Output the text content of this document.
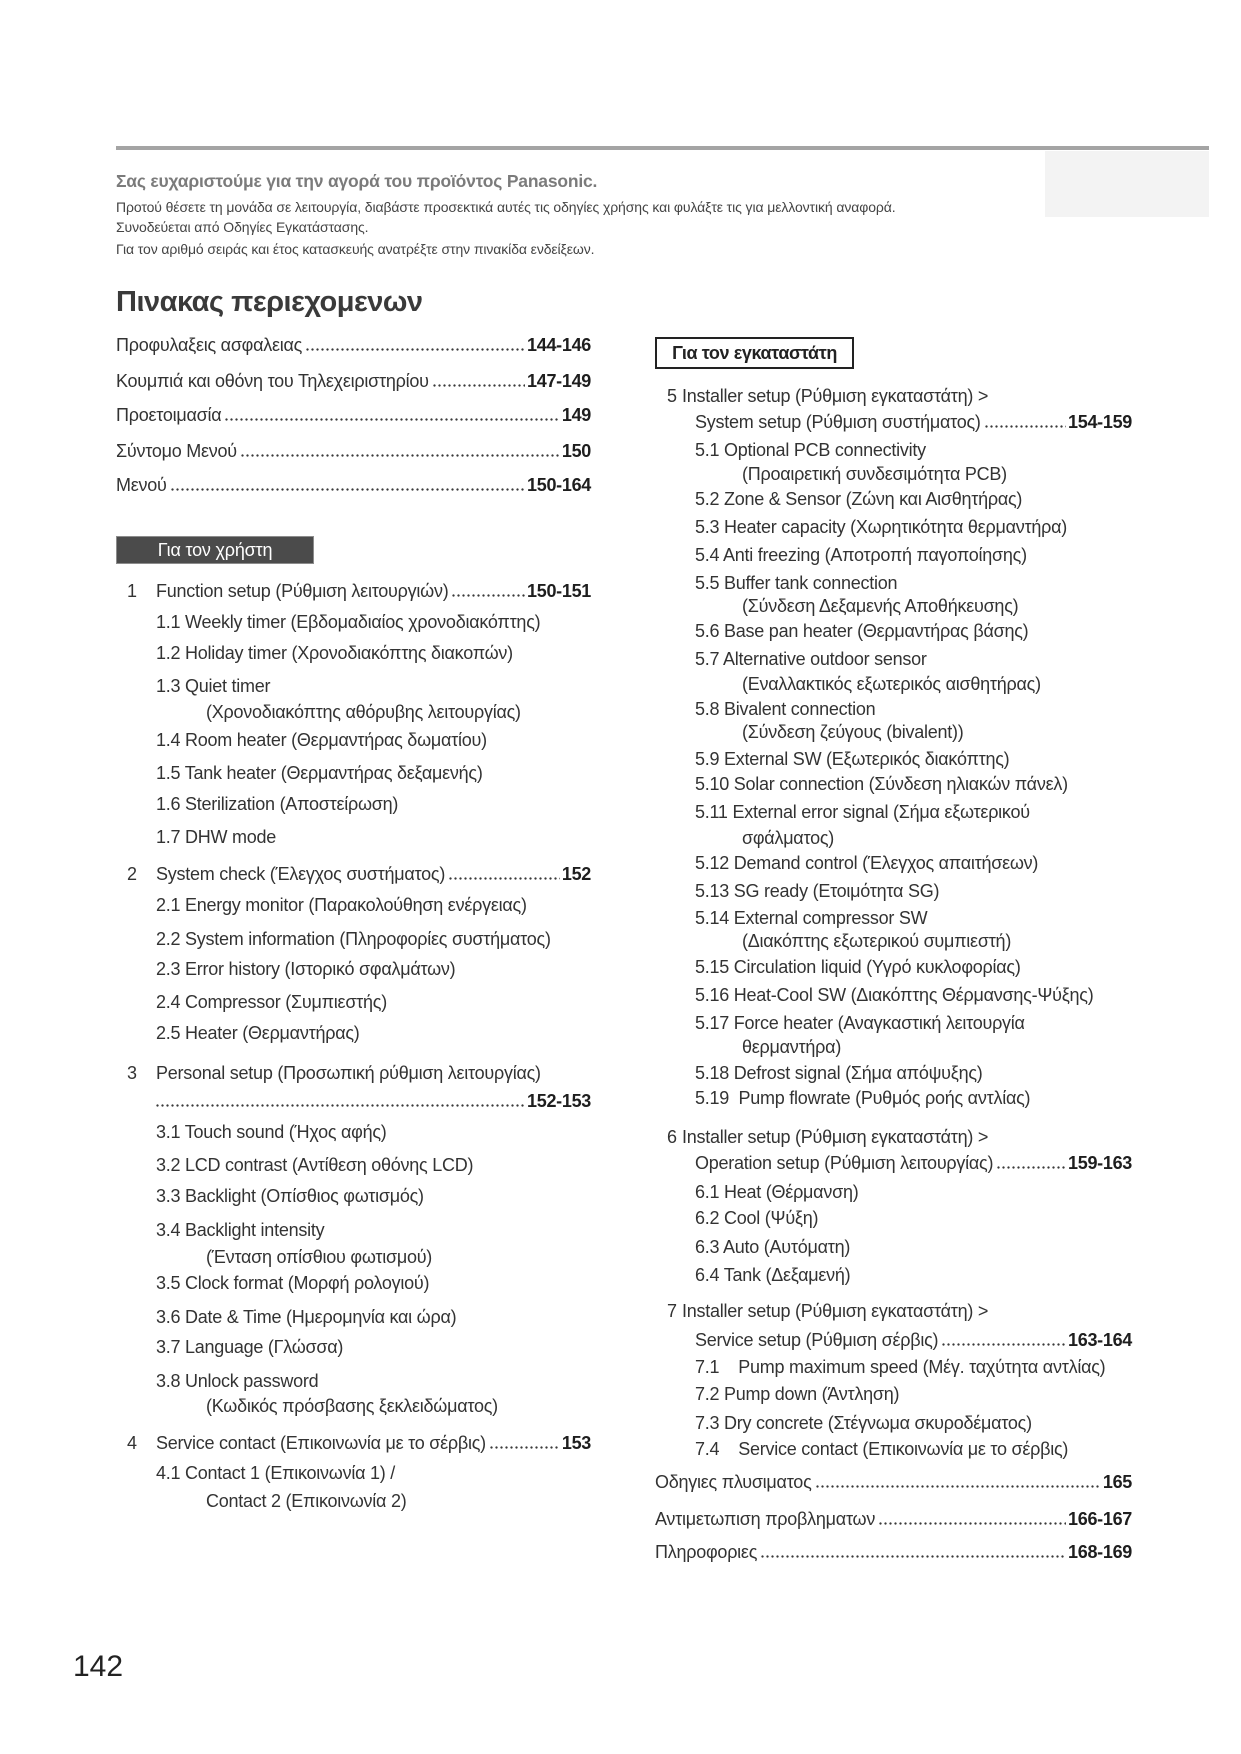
Σας ευχαριστούμε για την αγορά του προϊόντος Panasonic.
Προτού θέσετε τη μονάδα σε λειτουργία, διαβάστε προσεκτικά αυτές τις οδηγίες χρήσης και φυλάξτε τις για μελλοντική αναφορά.
Συνοδεύεται από Οδηγίες Εγκατάστασης.
Για τον αριθμό σειράς και έτος κατασκευής ανατρέξτε στην πινακίδα ενδείξεων.
Πινακας περιεχομενων
Προφυλαξεις ασφαλειας	144-146
Κουμπιά και οθόνη του Τηλεχειριστηρίου	147-149
Προετοιμασία	149
Σύντομο Μενού	150
Μενού	150-164
Για τον χρήστη
1	Function setup (Ρύθμιση λειτουργιών)	150-151
1.1 Weekly timer (Εβδομαδιαίος χρονοδιακόπτης)
1.2 Holiday timer (Χρονοδιακόπτης διακοπών)
1.3 Quiet timer
(Χρονοδιακόπτης αθόρυβης λειτουργίας)
1.4 Room heater (Θερμαντήρας δωματίου)
1.5 Tank heater (Θερμαντήρας δεξαμενής)
1.6 Sterilization (Αποστείρωση)
1.7 DHW mode
2	System check (Έλεγχος συστήματος)	152
2.1 Energy monitor (Παρακολούθηση ενέργειας)
2.2 System information (Πληροφορίες συστήματος)
2.3 Error history (Ιστορικό σφαλμάτων)
2.4 Compressor (Συμπιεστής)
2.5 Heater (Θερμαντήρας)
3	Personal setup (Προσωπική ρύθμιση λειτουργίας)
152-153
3.1 Touch sound (Ήχος αφής)
3.2 LCD contrast (Αντίθεση οθόνης LCD)
3.3 Backlight (Οπίσθιος φωτισμός)
3.4 Backlight intensity
(Ένταση οπίσθιου φωτισμού)
3.5 Clock format (Μορφή ρολογιού)
3.6 Date & Time (Ημερομηνία και ώρα)
3.7 Language (Γλώσσα)
3.8 Unlock password
(Κωδικός πρόσβασης ξεκλειδώματος)
4	Service contact (Επικοινωνία με το σέρβις)	153
4.1 Contact 1 (Επικοινωνία 1) /
Contact 2 (Επικοινωνία 2)
Για τον εγκαταστάτη
5 Installer setup (Ρύθμιση εγκαταστάτη) >
System setup (Ρύθμιση συστήματος)	154-159
5.1 Optional PCB connectivity
(Προαιρετική συνδεσιμότητα PCB)
5.2 Zone & Sensor (Ζώνη και Αισθητήρας)
5.3 Heater capacity (Χωρητικότητα θερμαντήρα)
5.4 Anti freezing (Αποτροπή παγοποίησης)
5.5 Buffer tank connection
(Σύνδεση Δεξαμενής Αποθήκευσης)
5.6 Base pan heater (Θερμαντήρας βάσης)
5.7 Alternative outdoor sensor
(Εναλλακτικός εξωτερικός αισθητήρας)
5.8 Bivalent connection
(Σύνδεση ζεύγους (bivalent))
5.9 External SW (Εξωτερικός διακόπτης)
5.10 Solar connection (Σύνδεση ηλιακών πάνελ)
5.11 External error signal (Σήμα εξωτερικού
σφάλματος)
5.12 Demand control (Έλεγχος απαιτήσεων)
5.13 SG ready (Ετοιμότητα SG)
5.14 External compressor SW
(Διακόπτης εξωτερικού συμπιεστή)
5.15 Circulation liquid (Υγρό κυκλοφορίας)
5.16 Heat-Cool SW (Διακόπτης Θέρμανσης-Ψύξης)
5.17 Force heater (Αναγκαστική λειτουργία
θερμαντήρα)
5.18 Defrost signal (Σήμα απόψυξης)
5.19  Pump flowrate (Ρυθμός ροής αντλίας)
6 Installer setup (Ρύθμιση εγκαταστάτη) >
Operation setup (Ρύθμιση λειτουργίας)	159-163
6.1 Heat (Θέρμανση)
6.2 Cool (Ψύξη)
6.3 Auto (Αυτόματη)
6.4 Tank (Δεξαμενή)
7 Installer setup (Ρύθμιση εγκαταστάτη) >
Service setup (Ρύθμιση σέρβις)	163-164
7.1    Pump maximum speed (Μέγ. ταχύτητα αντλίας)
7.2 Pump down (Άντληση)
7.3 Dry concrete (Στέγνωμα σκυροδέματος)
7.4    Service contact (Επικοινωνία με το σέρβις)
Οδηγιες πλυσιματος	165
Αντιμετωπιση προβληματων	166-167
Πληροφοριες	168-169
142
